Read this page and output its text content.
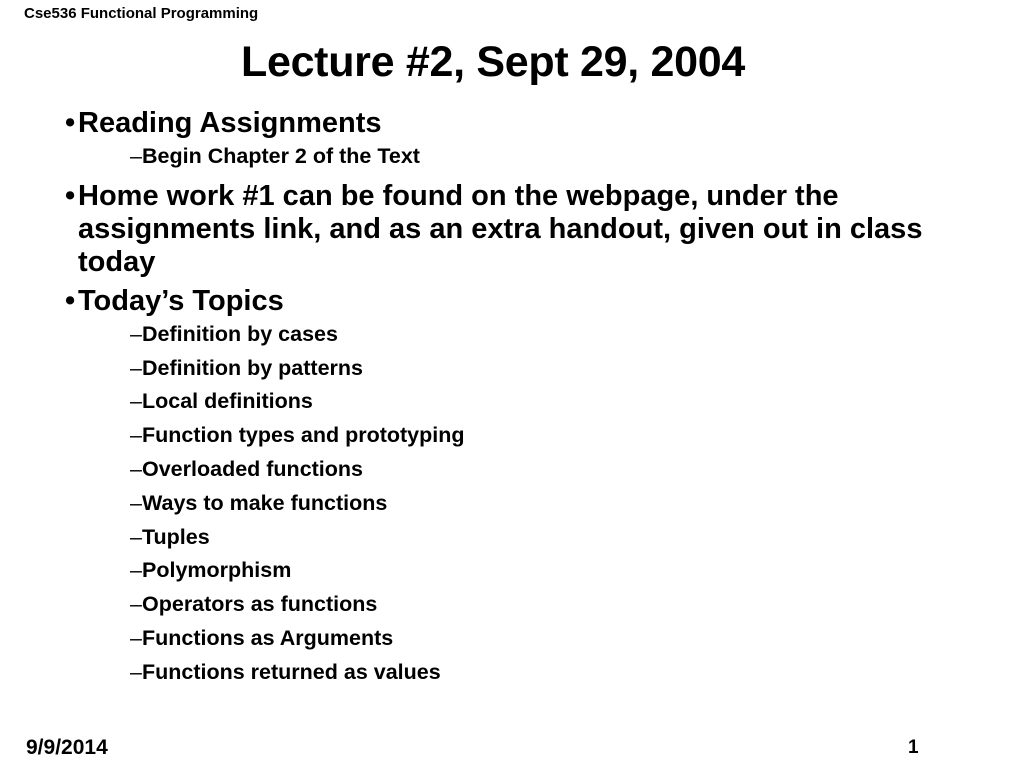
Cse536 Functional Programming
Lecture #2, Sept 29, 2004
• Reading Assignments
– Begin Chapter 2 of the Text
• Home work #1 can be found on the webpage, under the assignments link, and as an extra handout, given out in class today
• Today’s Topics
– Definition by cases
– Definition by patterns
– Local definitions
– Function types and prototyping
– Overloaded functions
– Ways to make functions
– Tuples
– Polymorphism
– Operators as functions
– Functions as Arguments
– Functions returned as values
9/9/2014	1
